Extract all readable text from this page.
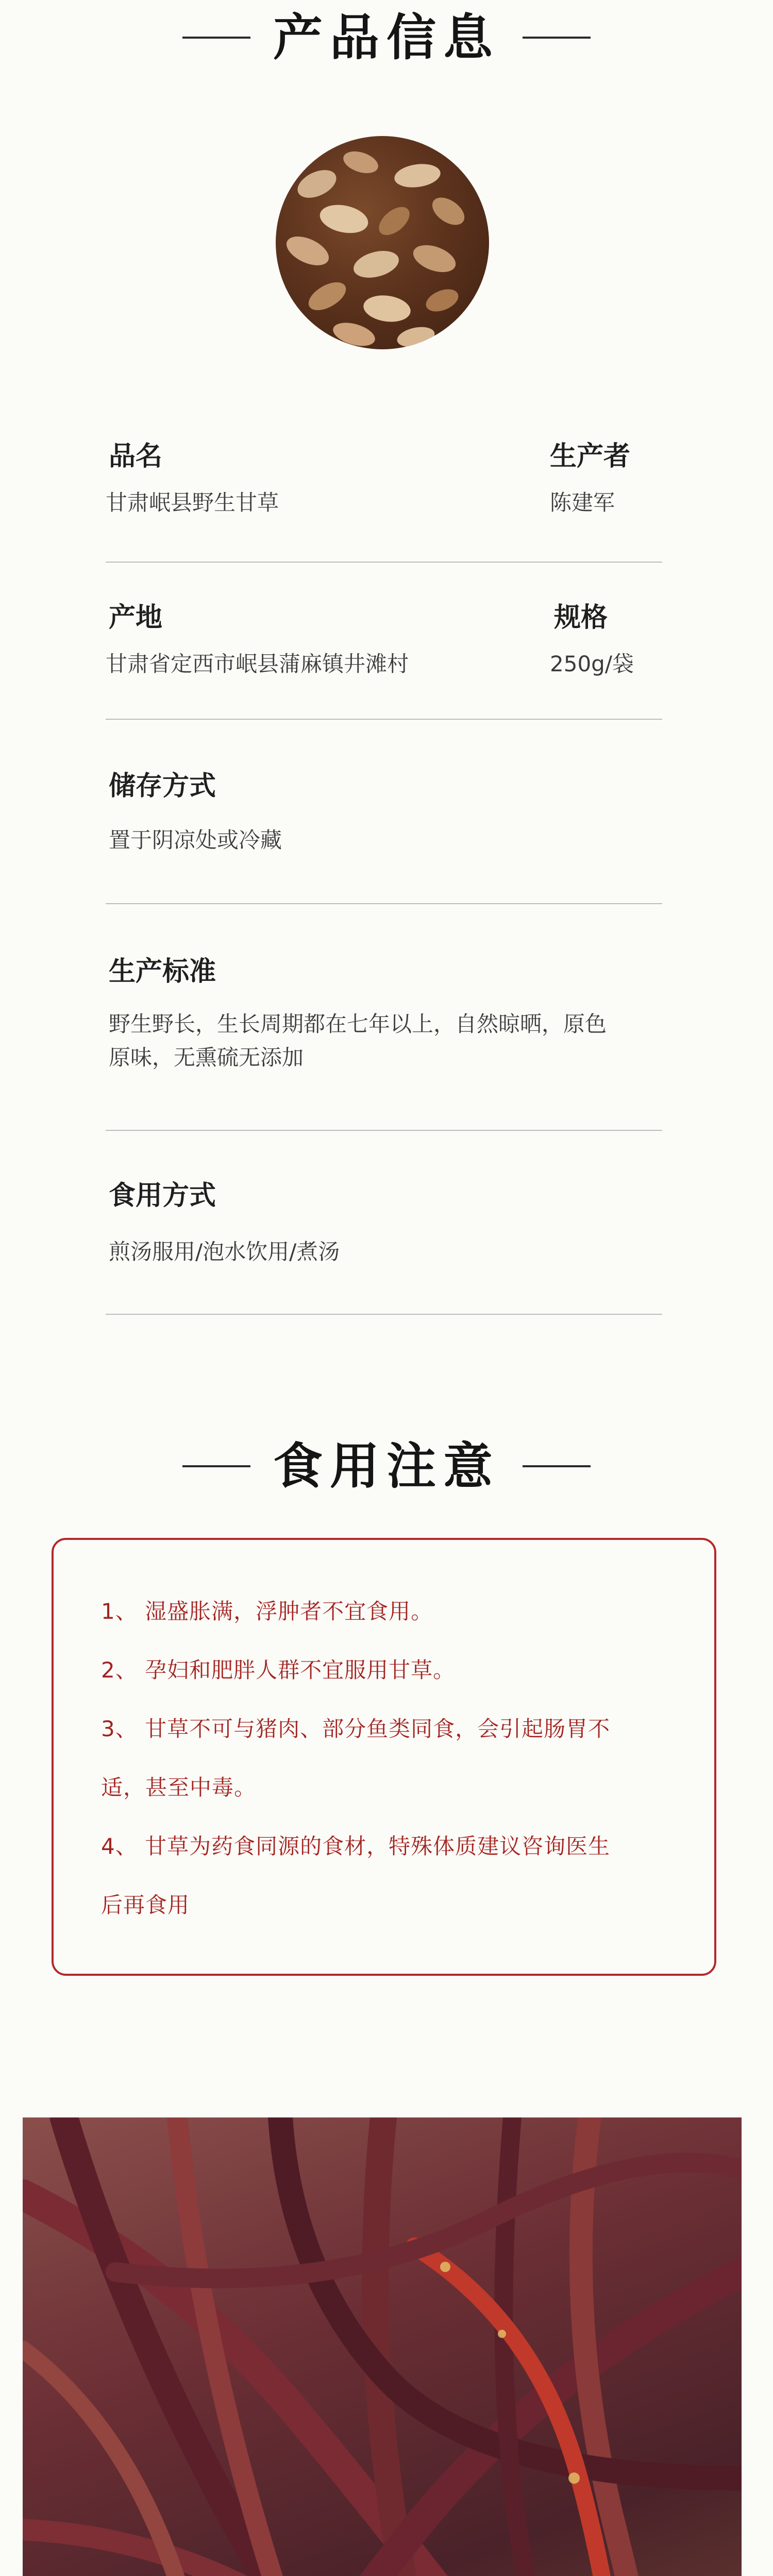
产品信息
品名
甘肃岷县野生甘草
生产者
陈建军
产地
甘肃省定西市岷县蒲麻镇井滩村
规格
250g/袋
储存方式
置于阴凉处或冷藏
生产标准
野生野长，生长周期都在七年以上，自然晾晒，原色
原味，无熏硫无添加
食用方式
煎汤服用/泡水饮用/煮汤
食用注意
1、 湿盛胀满，浮肿者不宜食用。
2、 孕妇和肥胖人群不宜服用甘草。
3、 甘草不可与猪肉、部分鱼类同食，会引起肠胃不
适，甚至中毒。
4、 甘草为药食同源的食材，特殊体质建议咨询医生
后再食用
